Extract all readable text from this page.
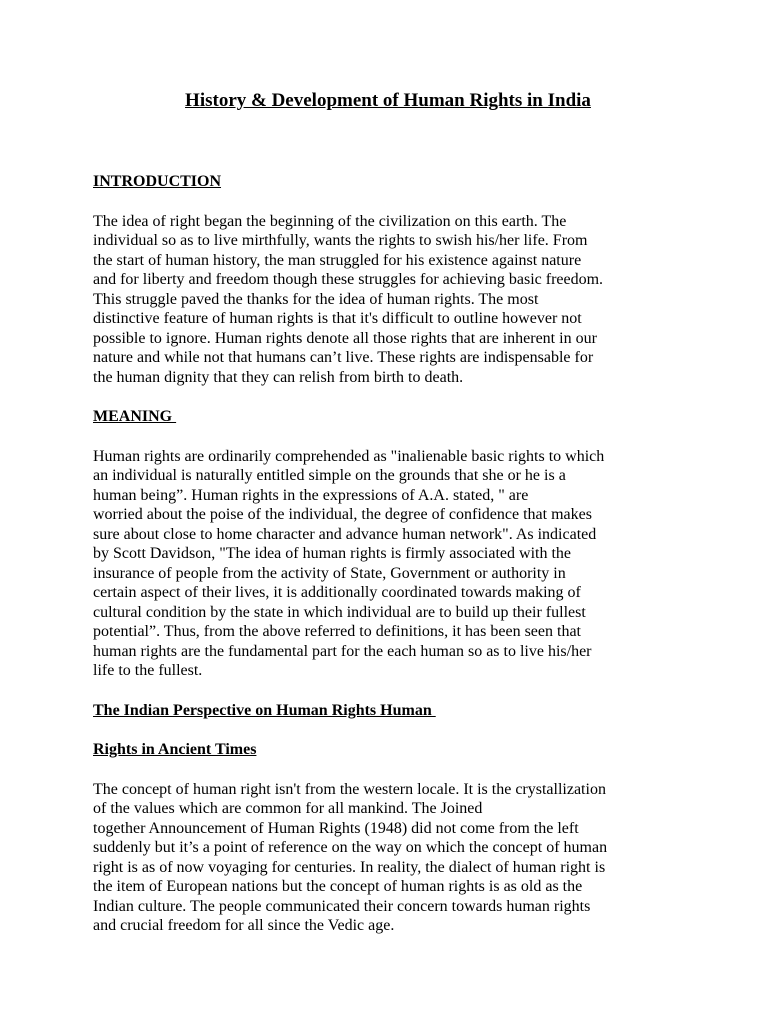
History & Development of Human Rights in India
INTRODUCTION
The idea of right began the beginning of the civilization on this earth. The
individual so as to live mirthfully, wants the rights to swish his/her life. From
the start of human history, the man struggled for his existence against nature
and for liberty and freedom though these struggles for achieving basic freedom.
This struggle paved the thanks for the idea of human rights. The most
distinctive feature of human rights is that it's difficult to outline however not
possible to ignore. Human rights denote all those rights that are inherent in our
nature and while not that humans can’t live. These rights are indispensable for
the human dignity that they can relish from birth to death.
MEANING
Human rights are ordinarily comprehended as "inalienable basic rights to which
an individual is naturally entitled simple on the grounds that she or he is a
human being”. Human rights in the expressions of A.A. stated, " are
worried about the poise of the individual, the degree of confidence that makes
sure about close to home character and advance human network". As indicated
by Scott Davidson, "The idea of human rights is firmly associated with the
insurance of people from the activity of State, Government or authority in
certain aspect of their lives, it is additionally coordinated towards making of
cultural condition by the state in which individual are to build up their fullest
potential”. Thus, from the above referred to definitions, it has been seen that
human rights are the fundamental part for the each human so as to live his/her
life to the fullest.
The Indian Perspective on Human Rights Human
Rights in Ancient Times
The concept of human right isn't from the western locale. It is the crystallization
of the values which are common for all mankind. The Joined
together Announcement of Human Rights (1948) did not come from the left
suddenly but it’s a point of reference on the way on which the concept of human
right is as of now voyaging for centuries. In reality, the dialect of human right is
the item of European nations but the concept of human rights is as old as the
Indian culture. The people communicated their concern towards human rights
and crucial freedom for all since the Vedic age.
